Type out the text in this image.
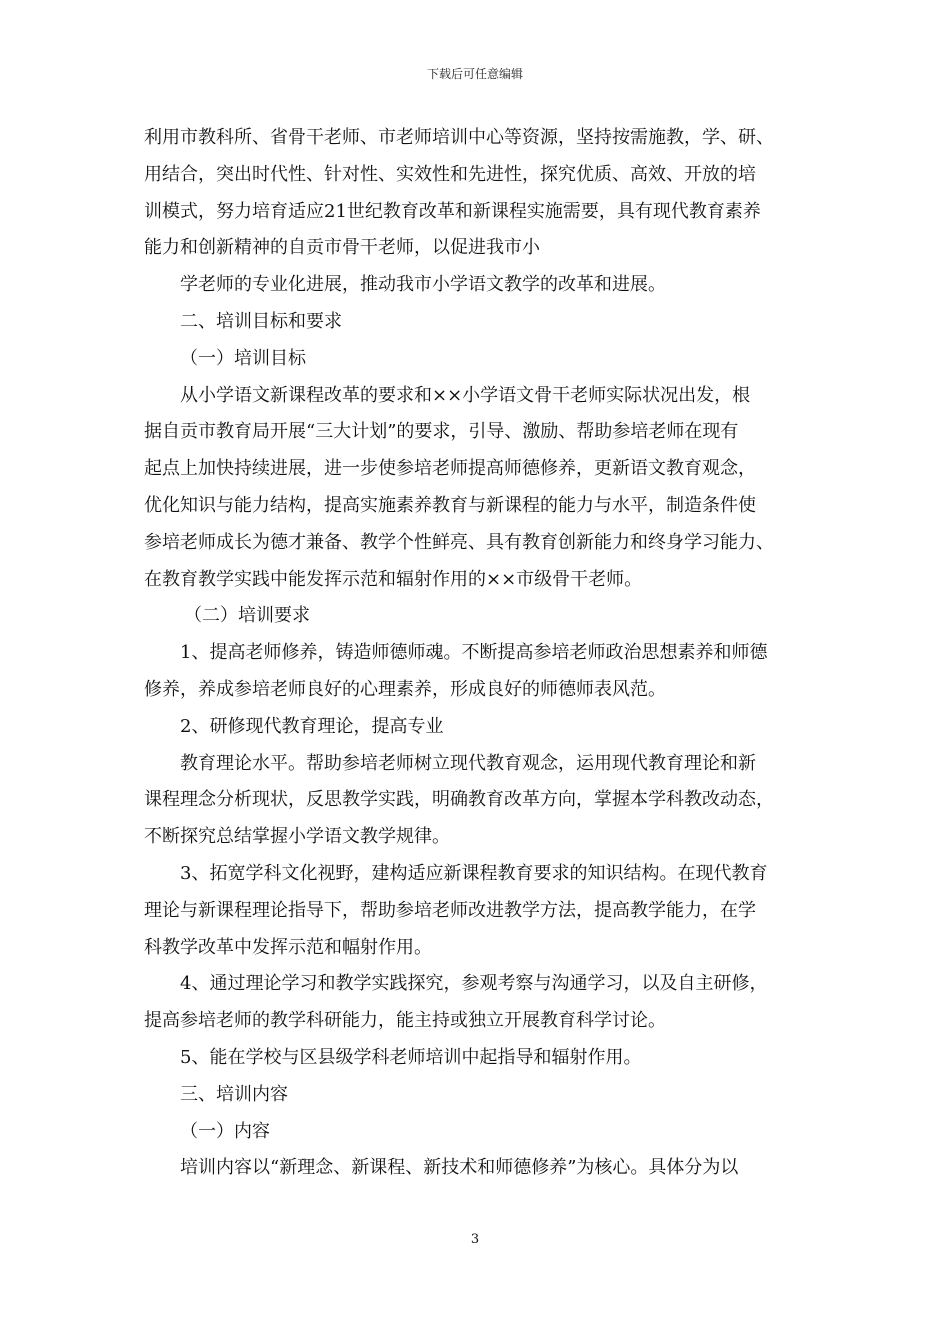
下载后可任意编辑
利用市教科所、省骨干老师、市老师培训中心等资源，坚持按需施教，学、研、
用结合，突出时代性、针对性、实效性和先进性，探究优质、高效、开放的培
训模式，努力培育适应21世纪教育改革和新课程实施需要，具有现代教育素养
能力和创新精神的自贡市骨干老师，以促进我市小
学老师的专业化进展，推动我市小学语文教学的改革和进展。
二、培训目标和要求
（一）培训目标
从小学语文新课程改革的要求和××小学语文骨干老师实际状况出发，根
据自贡市教育局开展“三大计划”的要求，引导、激励、帮助参培老师在现有
起点上加快持续进展，进一步使参培老师提高师德修养，更新语文教育观念，
优化知识与能力结构，提高实施素养教育与新课程的能力与水平，制造条件使
参培老师成长为德才兼备、教学个性鲜亮、具有教育创新能力和终身学习能力、
在教育教学实践中能发挥示范和辐射作用的××市级骨干老师。
（二）培训要求
1、提高老师修养，铸造师德师魂。不断提高参培老师政治思想素养和师德
修养，养成参培老师良好的心理素养，形成良好的师德师表风范。
2、研修现代教育理论，提高专业
教育理论水平。帮助参培老师树立现代教育观念，运用现代教育理论和新
课程理念分析现状，反思教学实践，明确教育改革方向，掌握本学科教改动态，
不断探究总结掌握小学语文教学规律。
3、拓宽学科文化视野，建构适应新课程教育要求的知识结构。在现代教育
理论与新课程理论指导下，帮助参培老师改进教学方法，提高教学能力，在学
科教学改革中发挥示范和幅射作用。
4、通过理论学习和教学实践探究，参观考察与沟通学习，以及自主研修，
提高参培老师的教学科研能力，能主持或独立开展教育科学讨论。
5、能在学校与区县级学科老师培训中起指导和辐射作用。
三、培训内容
（一）内容
培训内容以“新理念、新课程、新技术和师德修养”为核心。具体分为以
3
